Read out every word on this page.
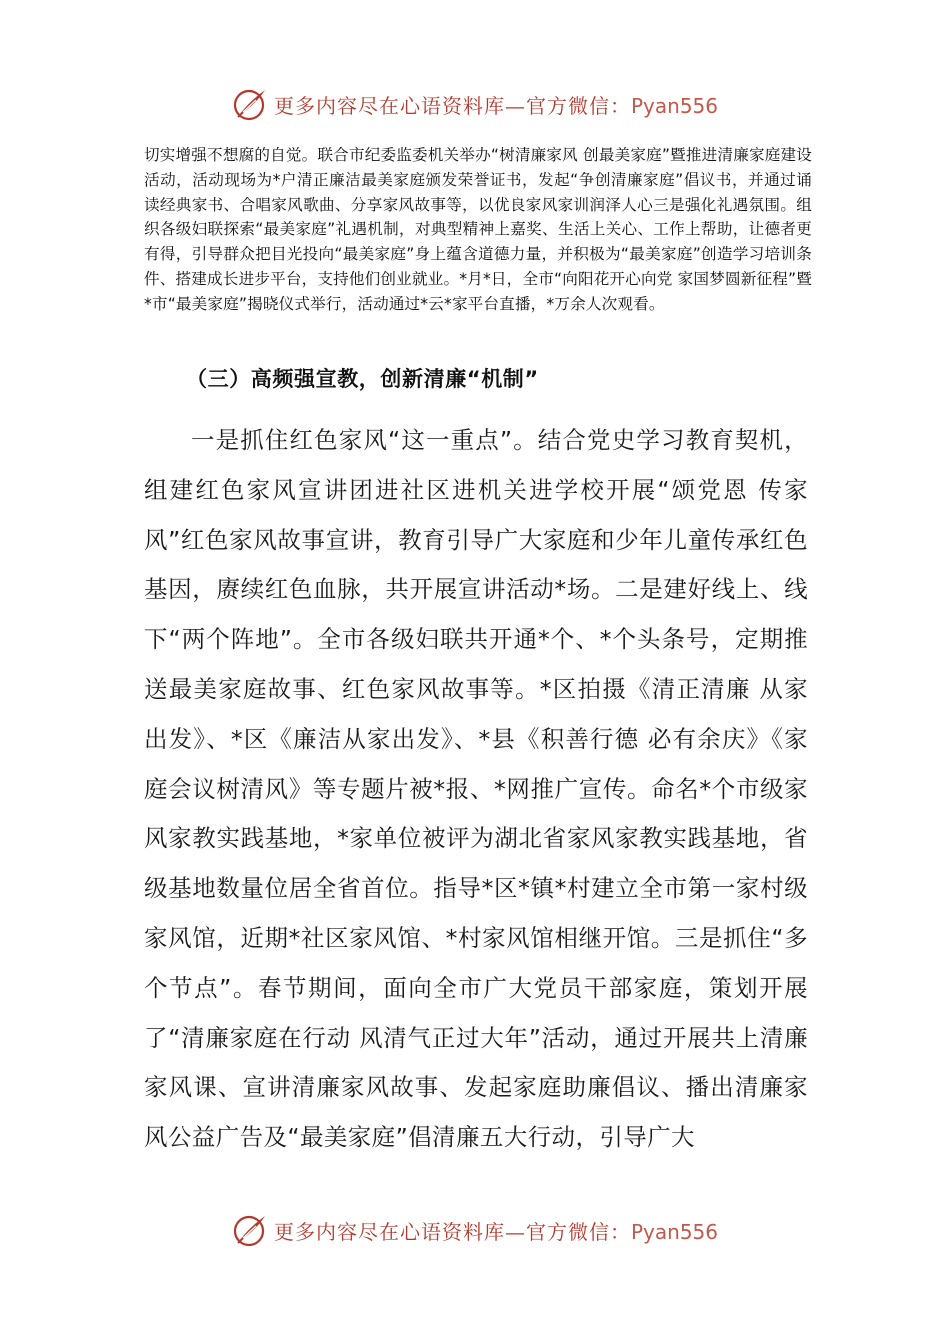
更多内容尽在心语资料库—官方微信：Pyan556

切实增强不想腐的自觉。联合市纪委监委机关举办“树清廉家风 创最美家庭”暨推进清廉家庭建设活动，活动现场为*户清正廉洁最美家庭颁发荣誉证书，发起“争创清廉家庭”倡议书，并通过诵读经典家书、合唱家风歌曲、分享家风故事等，以优良家风家训润泽人心三是强化礼遇氛围。组织各级妇联探索“最美家庭”礼遇机制，对典型精神上嘉奖、生活上关心、工作上帮助，让德者更有得，引导群众把目光投向“最美家庭”身上蕴含道德力量，并积极为“最美家庭”创造学习培训条件、搭建成长进步平台，支持他们创业就业。*月*日，全市“向阳花开心向党 家国梦圆新征程”暨*市“最美家庭”揭晓仪式举行，活动通过*云*家平台直播，*万余人次观看。

（三）高频强宣教，创新清廉“机制”

一是抓住红色家风“这一重点”。结合党史学习教育契机，组建红色家风宣讲团进社区进机关进学校开展“颂党恩 传家风”红色家风故事宣讲，教育引导广大家庭和少年儿童传承红色基因，赓续红色血脉，共开展宣讲活动*场。二是建好线上、线下“两个阵地”。全市各级妇联共开通*个、*个头条号，定期推送最美家庭故事、红色家风故事等。*区拍摄《清正清廉 从家出发》、*区《廉洁从家出发》、*县《积善行德 必有余庆》《家庭会议树清风》等专题片被*报、*网推广宣传。命名*个市级家风家教实践基地，*家单位被评为湖北省家风家教实践基地，省级基地数量位居全省首位。指导*区*镇*村建立全市第一家村级家风馆，近期*社区家风馆、*村家风馆相继开馆。三是抓住“多个节点”。春节期间，面向全市广大党员干部家庭，策划开展了“清廉家庭在行动 风清气正过大年”活动，通过开展共上清廉家风课、宣讲清廉家风故事、发起家庭助廉倡议、播出清廉家风公益广告及“最美家庭”倡清廉五大行动，引导广大

更多内容尽在心语资料库—官方微信：Pyan556
